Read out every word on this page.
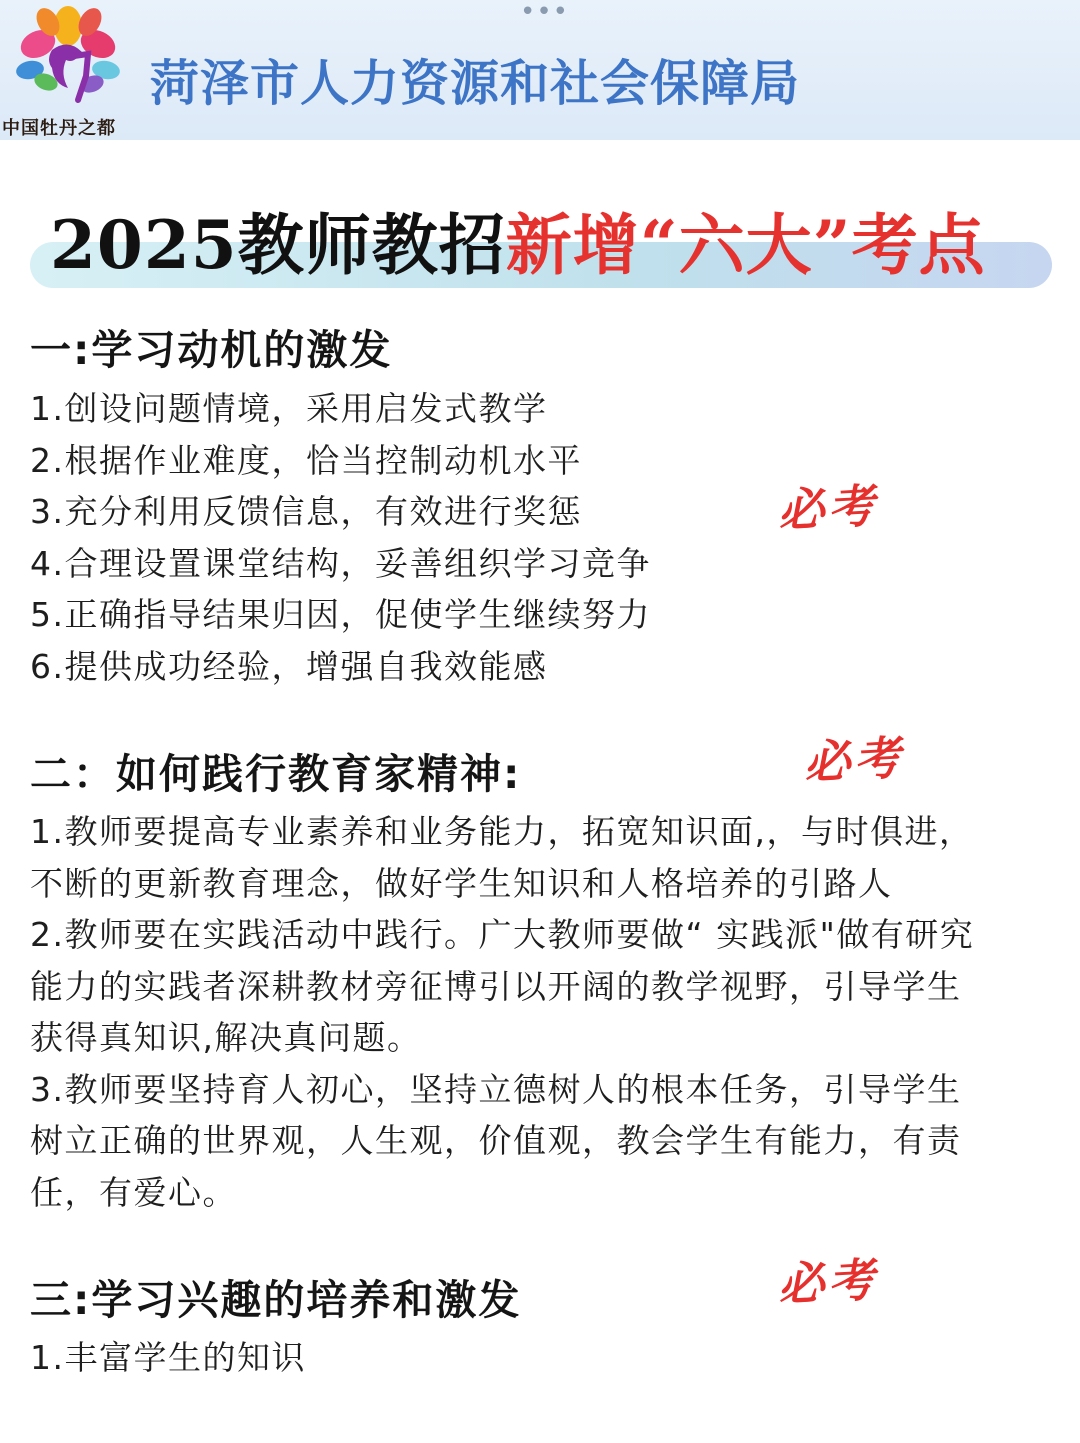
•••
中国牡丹之都
菏泽市人力资源和社会保障局
2025教师教招新增“六大”考点
一:学习动机的激发
1.创设问题情境，采用启发式教学
2.根据作业难度，恰当控制动机水平
3.充分利用反馈信息，有效进行奖惩
4.合理设置课堂结构，妥善组织学习竞争
5.正确指导结果归因，促使学生继续努力
6.提供成功经验，增强自我效能感
必考
二：如何践行教育家精神:	必考
1.教师要提高专业素养和业务能力，拓宽知识面,，与时俱进，
不断的更新教育理念，做好学生知识和人格培养的引路人
2.教师要在实践活动中践行。广大教师要做“ 实践派"做有研究
能力的实践者深耕教材旁征博引以开阔的教学视野，引导学生
获得真知识,解决真问题。
3.教师要坚持育人初心，坚持立德树人的根本任务，引导学生
树立正确的世界观，人生观，价值观，教会学生有能力，有责
任，有爱心。
必考
三:学习兴趣的培养和激发
1.丰富学生的知识
